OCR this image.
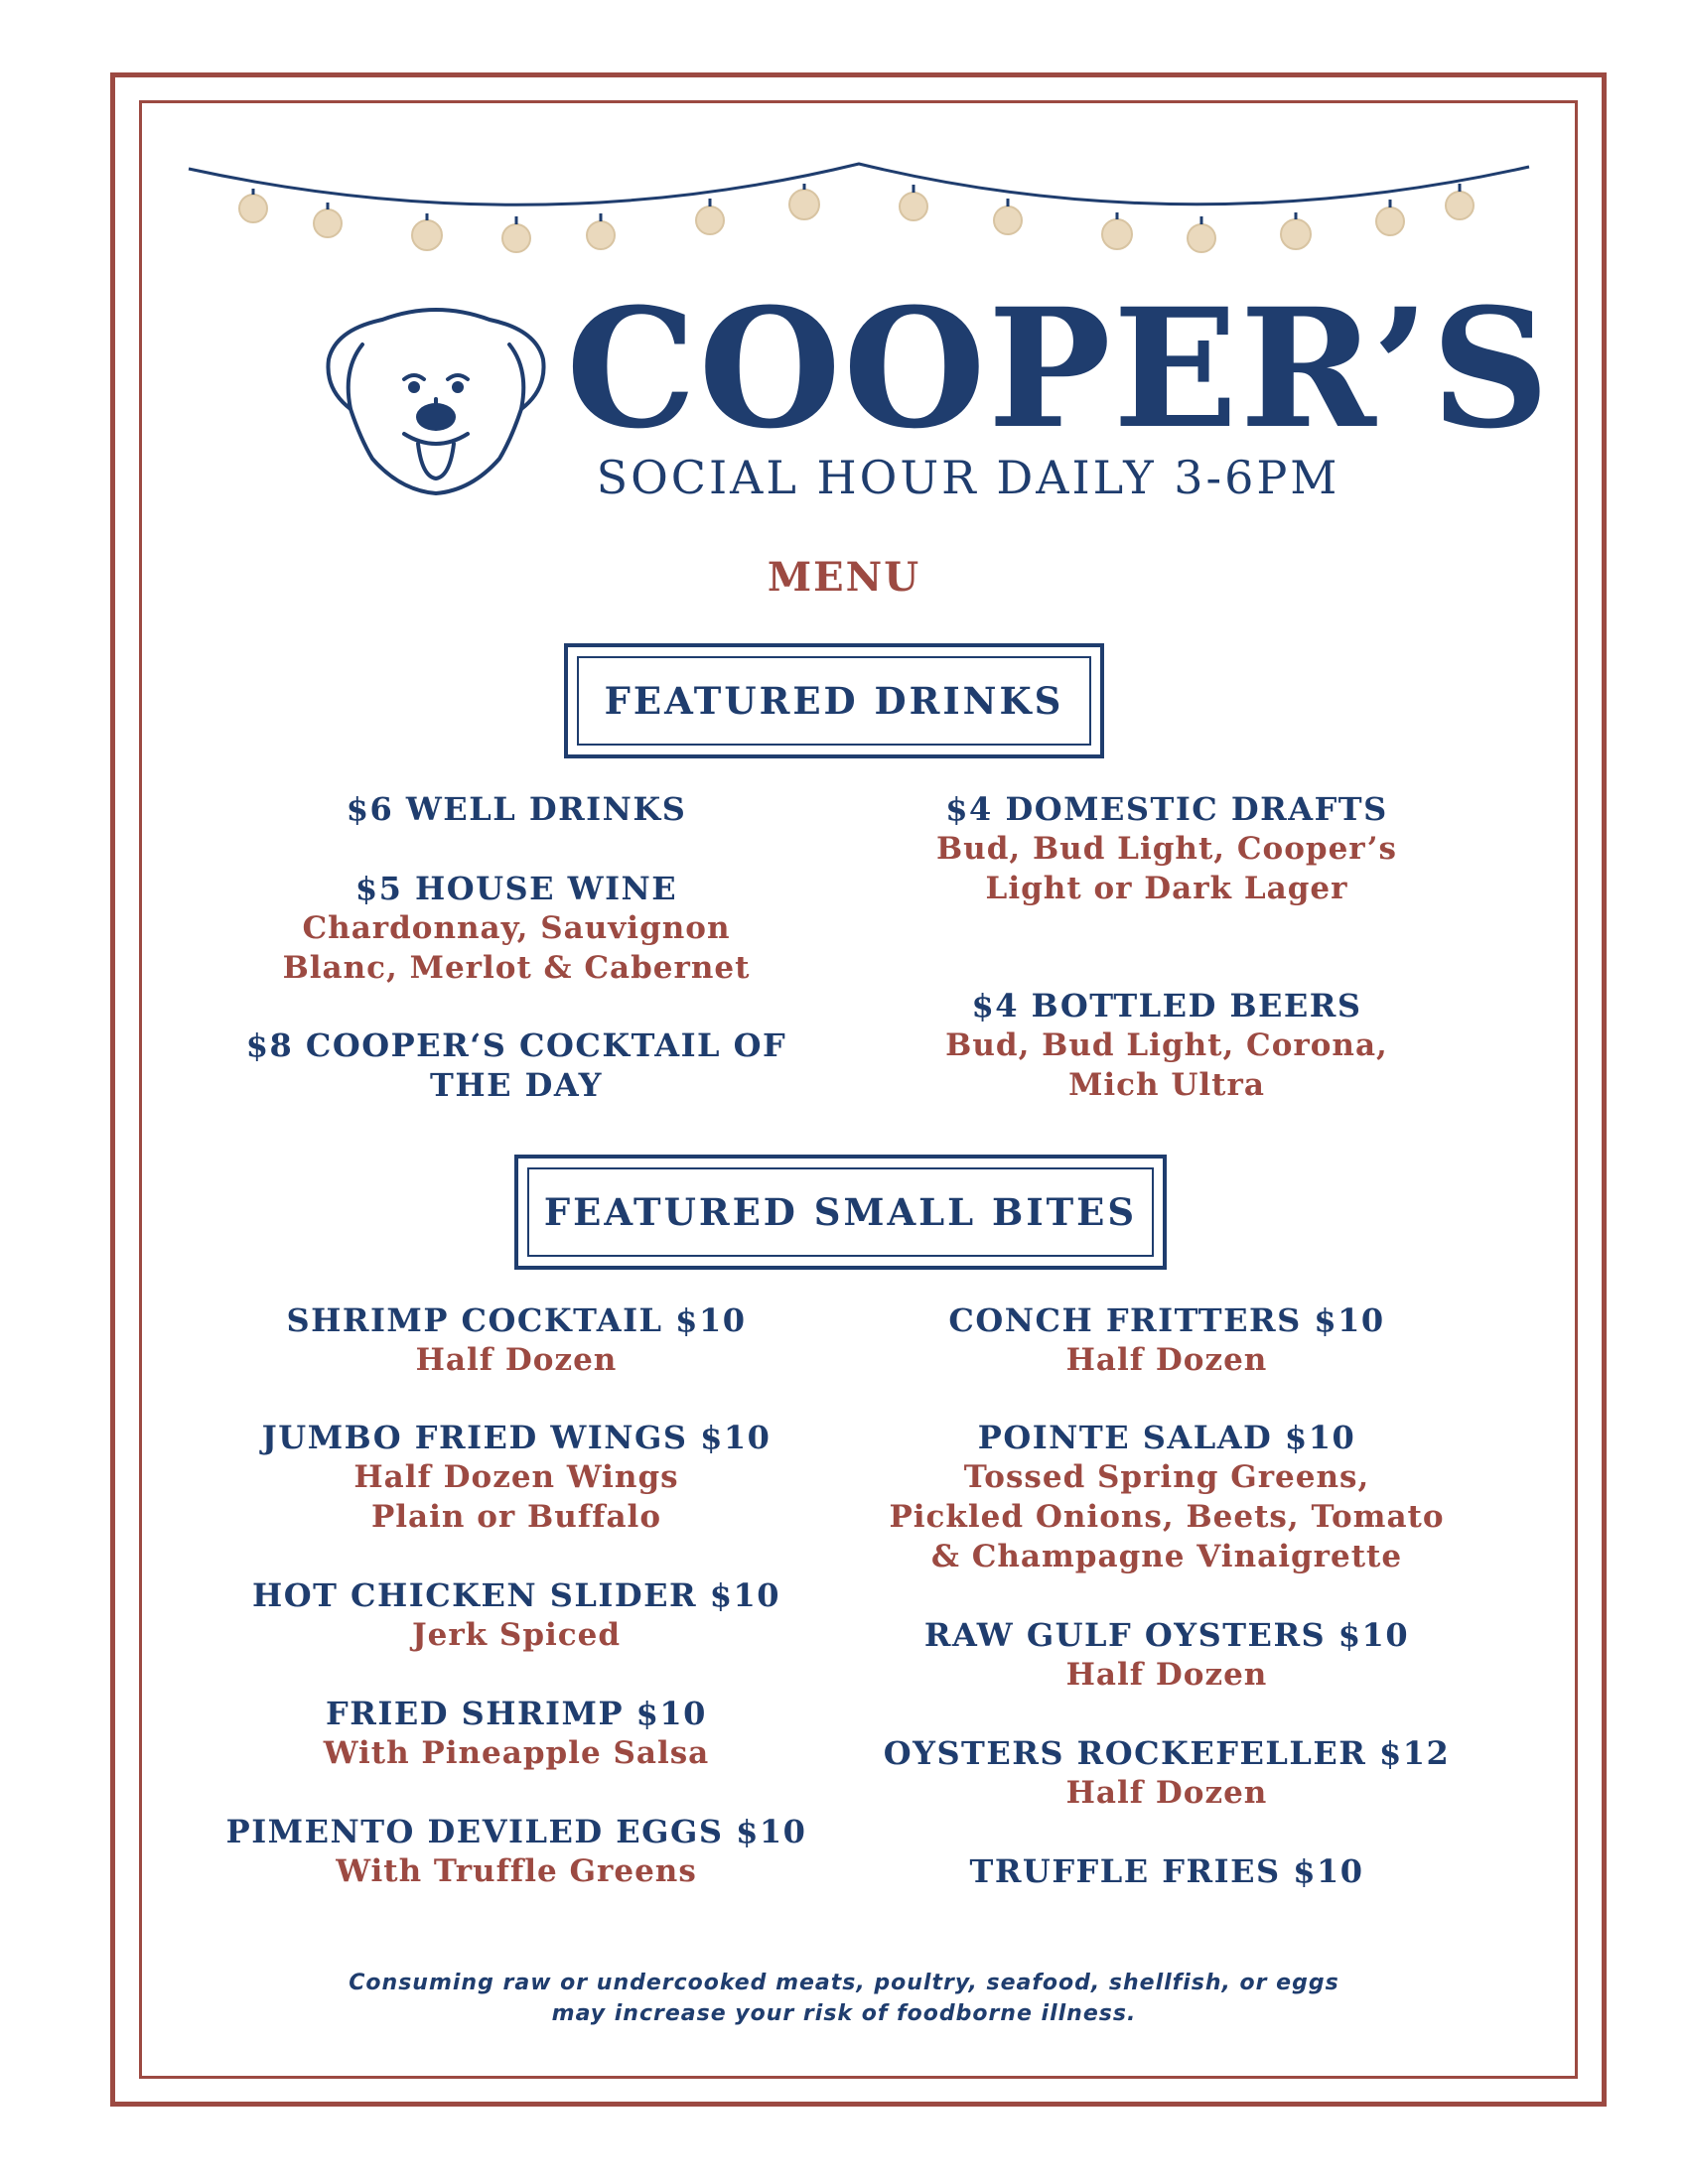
COOPER’S
SOCIAL HOUR DAILY 3-6PM
MENU
FEATURED DRINKS
$6 WELL DRINKS
$5 HOUSE WINE
Chardonnay, Sauvignon
Blanc, Merlot & Cabernet
$8 COOPER‘S COCKTAIL OF
THE DAY
$4 DOMESTIC DRAFTS
Bud, Bud Light, Cooper’s
Light or Dark Lager
$4 BOTTLED BEERS
Bud, Bud Light, Corona,
Mich Ultra
FEATURED SMALL BITES
SHRIMP COCKTAIL $10
Half Dozen
JUMBO FRIED WINGS $10
Half Dozen Wings
Plain or Buffalo
HOT CHICKEN SLIDER $10
Jerk Spiced
FRIED SHRIMP $10
With Pineapple Salsa
PIMENTO DEVILED EGGS $10
With Truffle Greens
CONCH FRITTERS $10
Half Dozen
POINTE SALAD $10
Tossed Spring Greens,
Pickled Onions, Beets, Tomato
& Champagne Vinaigrette
RAW GULF OYSTERS $10
Half Dozen
OYSTERS ROCKEFELLER $12
Half Dozen
TRUFFLE FRIES $10
Consuming raw or undercooked meats, poultry, seafood, shellfish, or eggs
may increase your risk of foodborne illness.
